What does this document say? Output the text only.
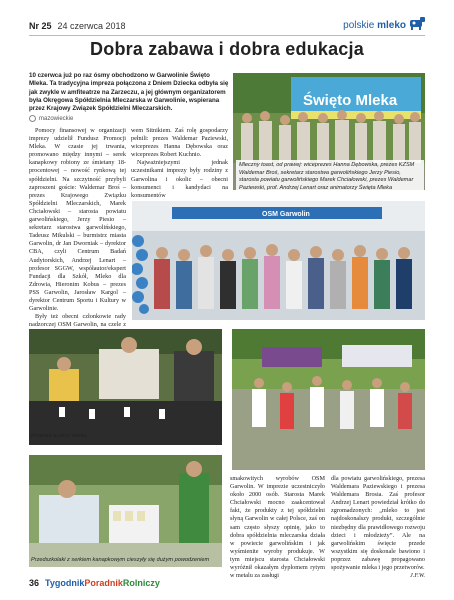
Nr 25 24 czerwca 2018	polskie mleko
Dobra zabawa i dobra edukacja

10 czerwca już po raz ósmy obchodzono w Garwolinie Święto Mleka. Ta tradycyjna impreza połączona z Dniem Dziecka odbyła się jak zwykle w amfiteatrze na Zarzeczu, a jej głównym organizatorem była Okręgowa Spółdzielnia Mleczarska w Garwolinie, wspierana przez Krajowy Związek Spółdzielni Mleczarskich.

mazowieckie

Pomocy finansowej w organizacji imprezy udzielił Fundusz Promocji Mleka. W czasie jej trwania, promowano między innymi – serek kanapkowy robiony ze śmietany 18-procentowej – nowość rynkową tej spółdzielni. Na szczytność przybyli zaproszeni goście: Waldemar Broś – prezes Krajowego Związku Spółdzielni Mleczarskich, Marek Chciałowski – starosta powiatu garwolińskiego, Jerzy Piesio – sekretarz starostwa garwolińskiego, Tadeusz Mikulski – burmistrz miasta Garwolin, dr Jan Dworniak – dyrektor CBA, czyli Centrum Badań Audytorskich, Andrzej Lenart – profesor SGGW, współautor/ekspert Fundacji dla Szkół, Mleko dla Zdrowia, Hieronim Kobus – prezes PSS Garwolin, Jarosław Kargol – dyrektor Centrum Sportu i Kultury w Garwolinie.

Były też obecni członkowie rady nadzorczej OSM Garwolin, na czele z

wem Sitnikiem. Zaś rolę gospodarzy pełnili: prezes Waldemar Paziewski, wiceprezes Hanna Dębowska oraz wiceprezes Robert Kuchnio.

Najważniejszymi jednak uczestnikami imprezy były rodziny z Garwolina i okolic – obecni konsumenci i kandydaci na konsumentów

Święto Mleka
Mleczny toast, od prawej: wiceprezes Hanna Dębowska, prezes KZSM Waldemar Broś, sekretarz starostwa garwolińskiego Jerzy Piesio, starosta powiatu garwolińskiego Marek Chciałowski, prezes Waldemar Paziewski, prof. Andrzej Lenart oraz animatorzy Święta Mleka
OSM Garwolin
Konkurs w piciu mleka
Przedszkolaki z serkiem kanapkowym cieszyły się dużym powodzeniem

smakowitych wyrobów OSM Garwolin. W imprezie uczestniczyło około 2000 osób. Starosta Marek Chciałowski mocno zaakcentował fakt, że produkty z tej spółdzielni słyną Garwolin w całej Polsce, zaś on sam często słyszy opinię, jako to dobra spółdzielnia mleczarska działa w powiecie garwolińskim i jak wyśmienite wyroby produkuje. W tym miejscu starosta Chciałowski wyróżnił okazałym dyplomem rytym w metalu za zasługi

dla powiatu garwolińskiego, prezesa Waldemara Paziewskiego i prezesa Waldemara Brosia. Zaś profesor Andrzej Lenart powiedział krótko do zgromadzonych: „mleko to jest najdoskonalszy produkt, szczególnie niezbędny dla prawidłowego rozwoju dzieci i młodzieży”. Ale na garwolińskim święcie przede wszystkim się doskonale bawiono i poprzez zabawę propagowano spożywanie mleka i jego przetworów.

J.F.W.
36 TygodnikPoradnikRolniczy
